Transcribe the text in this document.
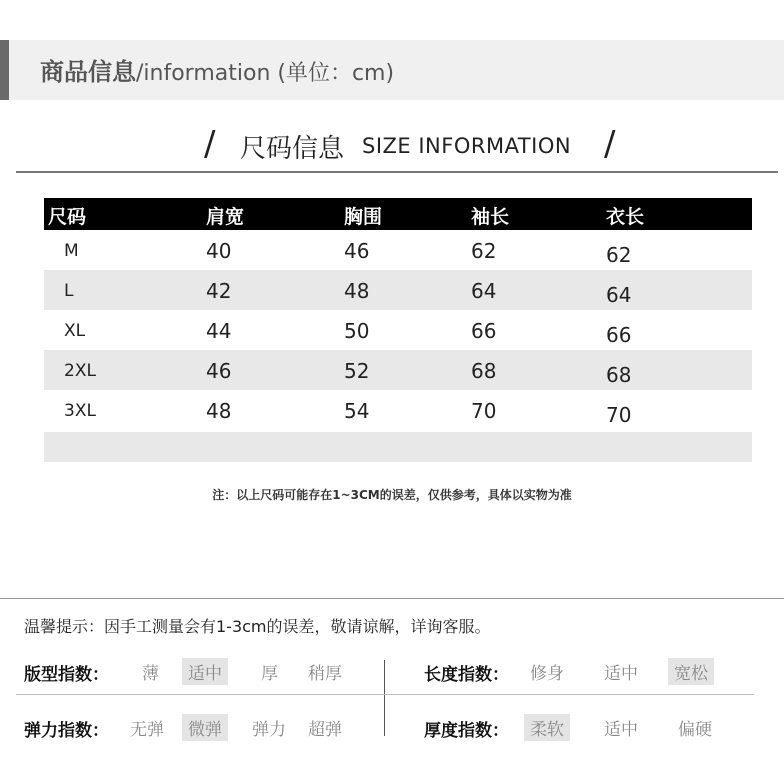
商品信息/information (单位：cm)
/ 尺码信息 SIZE INFORMATION /
尺码	肩宽	胸围	袖长	衣长
M	40	46	62	62
L	42	48	64	64
XL	44	50	66	66
2XL	46	52	68	68
3XL	48	54	70	70
注：以上尺码可能存在1~3CM的误差，仅供参考，具体以实物为准
温馨提示：因手工测量会有1-3cm的误差，敬请谅解，详询客服。
版型指数：	薄	适中	厚	稍厚	长度指数：	修身	适中	宽松
弹力指数：	无弹	微弹	弹力	超弹	厚度指数：	柔软	适中	偏硬
